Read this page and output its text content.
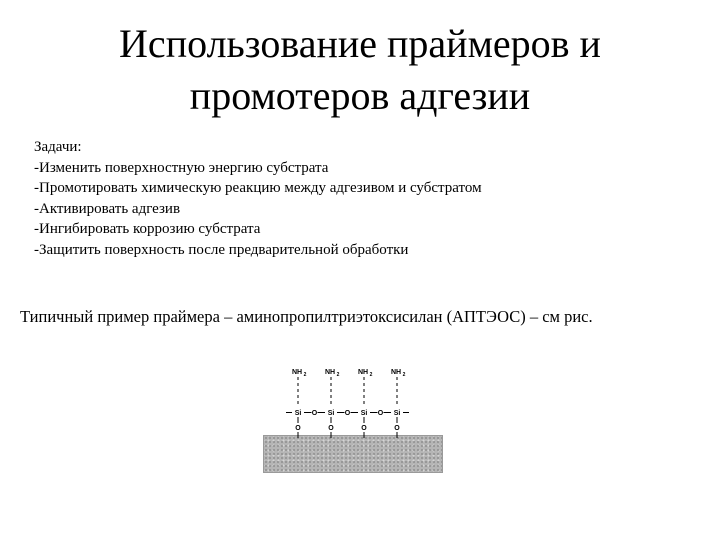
Использование праймеров и
промотеров адгезии
Задачи:
-Изменить поверхностную энергию субстрата
-Промотировать химическую реакцию между адгезивом и субстратом
-Активировать адгезив
-Ингибировать коррозию субстрата
-Защитить поверхность после предварительной обработки
Типичный пример праймера – аминопропилтриэтоксисилан (АПТЭОС) – см рис.
NH 2
Si
O
O
NH 2
Si
O
O
NH 2
Si
O
O
NH 2
Si
O
